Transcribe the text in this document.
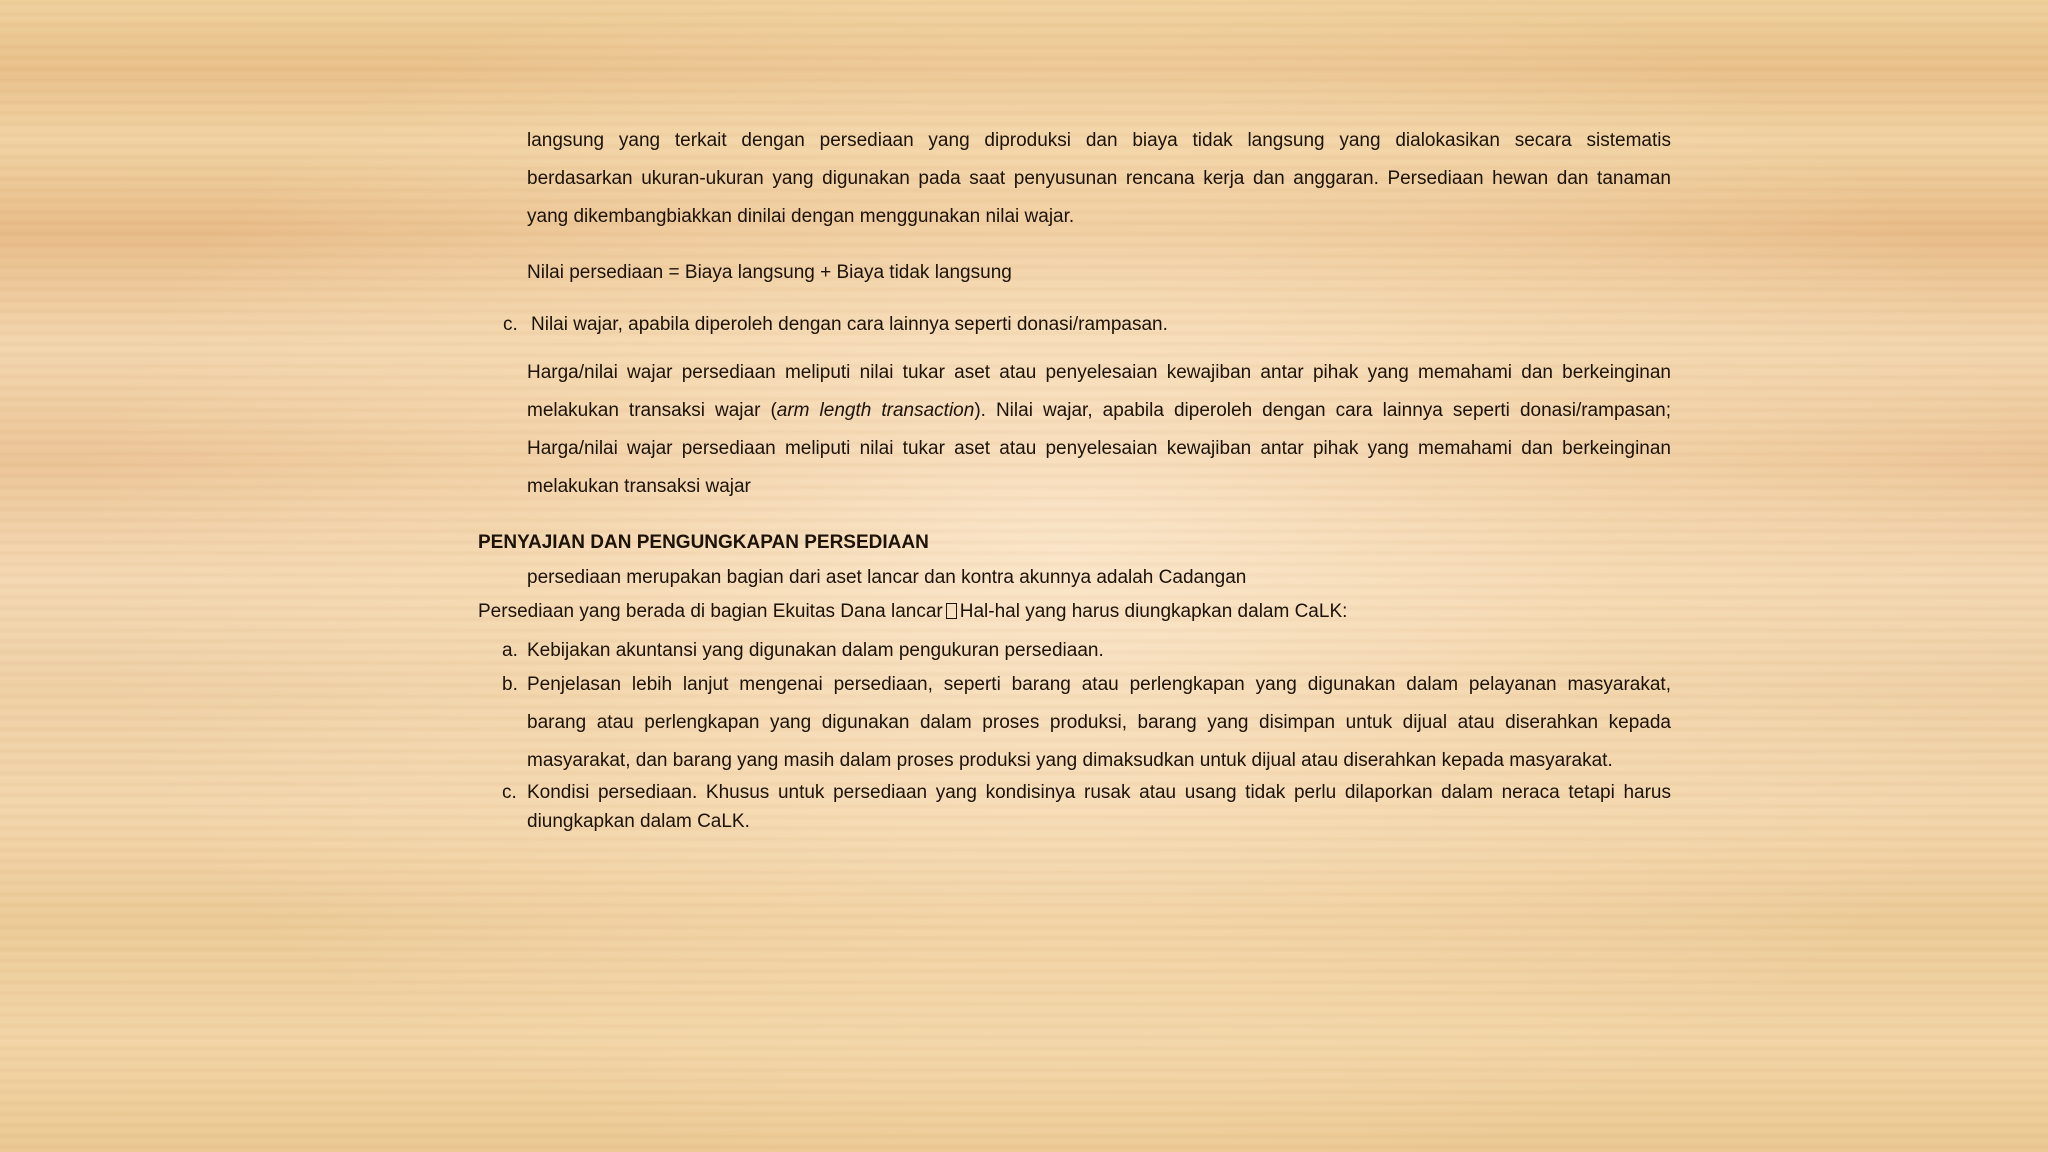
langsung yang terkait dengan persediaan yang diproduksi dan biaya tidak langsung yang dialokasikan secara sistematis
berdasarkan ukuran-ukuran yang digunakan pada saat penyusunan rencana kerja dan anggaran. Persediaan hewan dan tanaman
yang dikembangbiakkan dinilai dengan menggunakan nilai wajar.
Nilai persediaan = Biaya langsung + Biaya tidak langsung
c. Nilai wajar, apabila diperoleh dengan cara lainnya seperti donasi/rampasan.
Harga/nilai wajar persediaan meliputi nilai tukar aset atau penyelesaian kewajiban antar pihak yang memahami dan berkeinginan
melakukan transaksi wajar (arm length transaction). Nilai wajar, apabila diperoleh dengan cara lainnya seperti donasi/rampasan;
Harga/nilai wajar persediaan meliputi nilai tukar aset atau penyelesaian kewajiban antar pihak yang memahami dan berkeinginan
melakukan transaksi wajar
PENYAJIAN DAN PENGUNGKAPAN PERSEDIAAN
persediaan merupakan bagian dari aset lancar dan kontra akunnya adalah Cadangan
Persediaan yang berada di bagian Ekuitas Dana lancar Hal-hal yang harus diungkapkan dalam CaLK:
a. Kebijakan akuntansi yang digunakan dalam pengukuran persediaan.
b. Penjelasan lebih lanjut mengenai persediaan, seperti barang atau perlengkapan yang digunakan dalam pelayanan masyarakat,
barang atau perlengkapan yang digunakan dalam proses produksi, barang yang disimpan untuk dijual atau diserahkan kepada
masyarakat, dan barang yang masih dalam proses produksi yang dimaksudkan untuk dijual atau diserahkan kepada masyarakat.
c. Kondisi persediaan. Khusus untuk persediaan yang kondisinya rusak atau usang tidak perlu dilaporkan dalam neraca tetapi harus
diungkapkan dalam CaLK.
